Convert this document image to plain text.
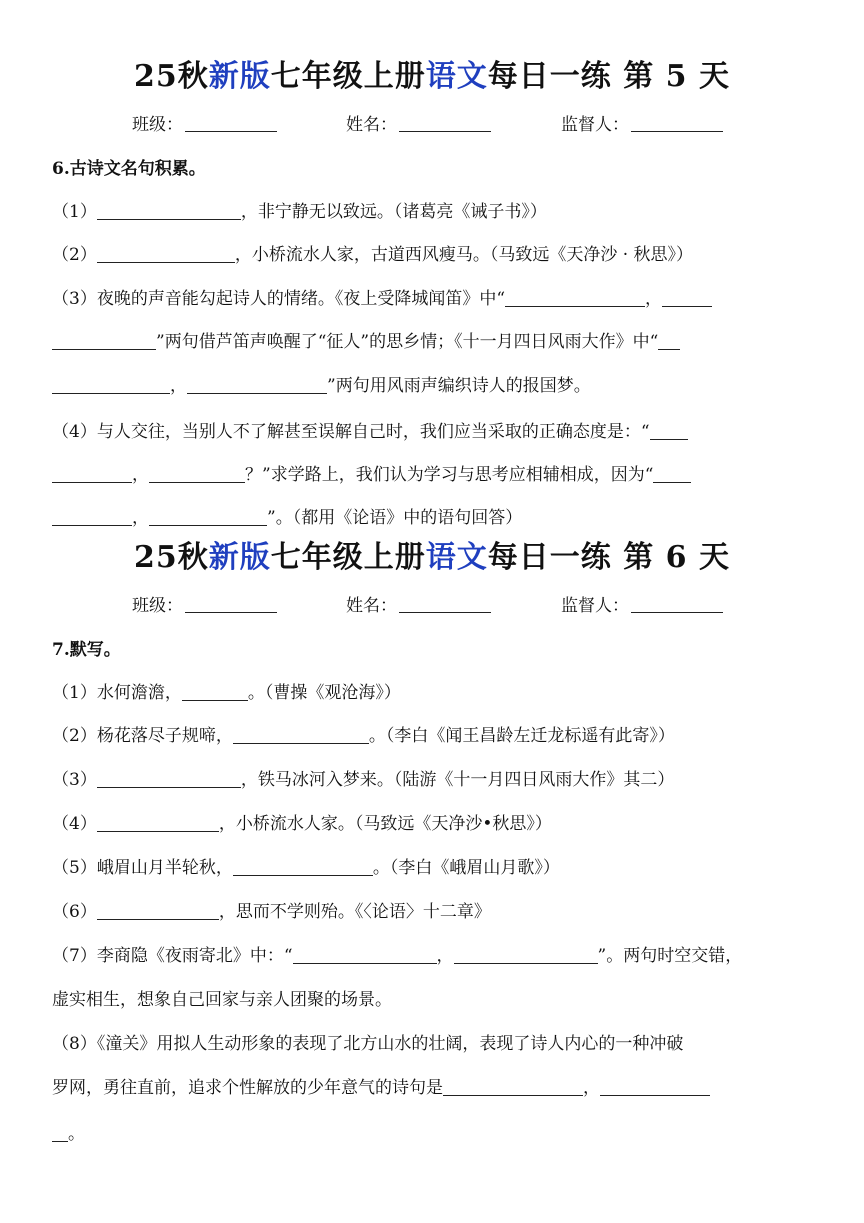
25秋新版七年级上册语文每日一练 第 5 天
班级：	姓名：	监督人：
6.古诗文名句积累。
（1）	，非宁静无以致远。（诸葛亮《诫子书》）
（2）	，小桥流水人家，古道西风瘦马。（马致远《天净沙 · 秋思》）
（3）夜晚的声音能勾起诗人的情绪。《夜上受降城闻笛》中“	，
”两句借芦笛声唤醒了“征人”的思乡情；《十一月四日风雨大作》中“
，	”两句用风雨声编织诗人的报国梦。
（4）与人交往，当别人不了解甚至误解自己时，我们应当采取的正确态度是：“
，	？”求学路上，我们认为学习与思考应相辅相成，因为“
，	”。（都用《论语》中的语句回答）
25秋新版七年级上册语文每日一练 第 6 天
班级：	姓名：	监督人：
7.默写。
（1）水何澹澹，	。（曹操《观沧海》）
（2）杨花落尽子规啼，	。（李白《闻王昌龄左迁龙标遥有此寄》）
（3）	，铁马冰河入梦来。（陆游《十一月四日风雨大作》其二）
（4）	，小桥流水人家。（马致远《天净沙•秋思》）
（5）峨眉山月半轮秋，	。（李白《峨眉山月歌》）
（6）	，思而不学则殆。《〈论语〉十二章》
（7）李商隐《夜雨寄北》中：“	，	”。两句时空交错，
虚实相生，想象自己回家与亲人团聚的场景。
（8）《潼关》用拟人生动形象的表现了北方山水的壮阔，表现了诗人内心的一种冲破
罗网，勇往直前，追求个性解放的少年意气的诗句是	，
。
